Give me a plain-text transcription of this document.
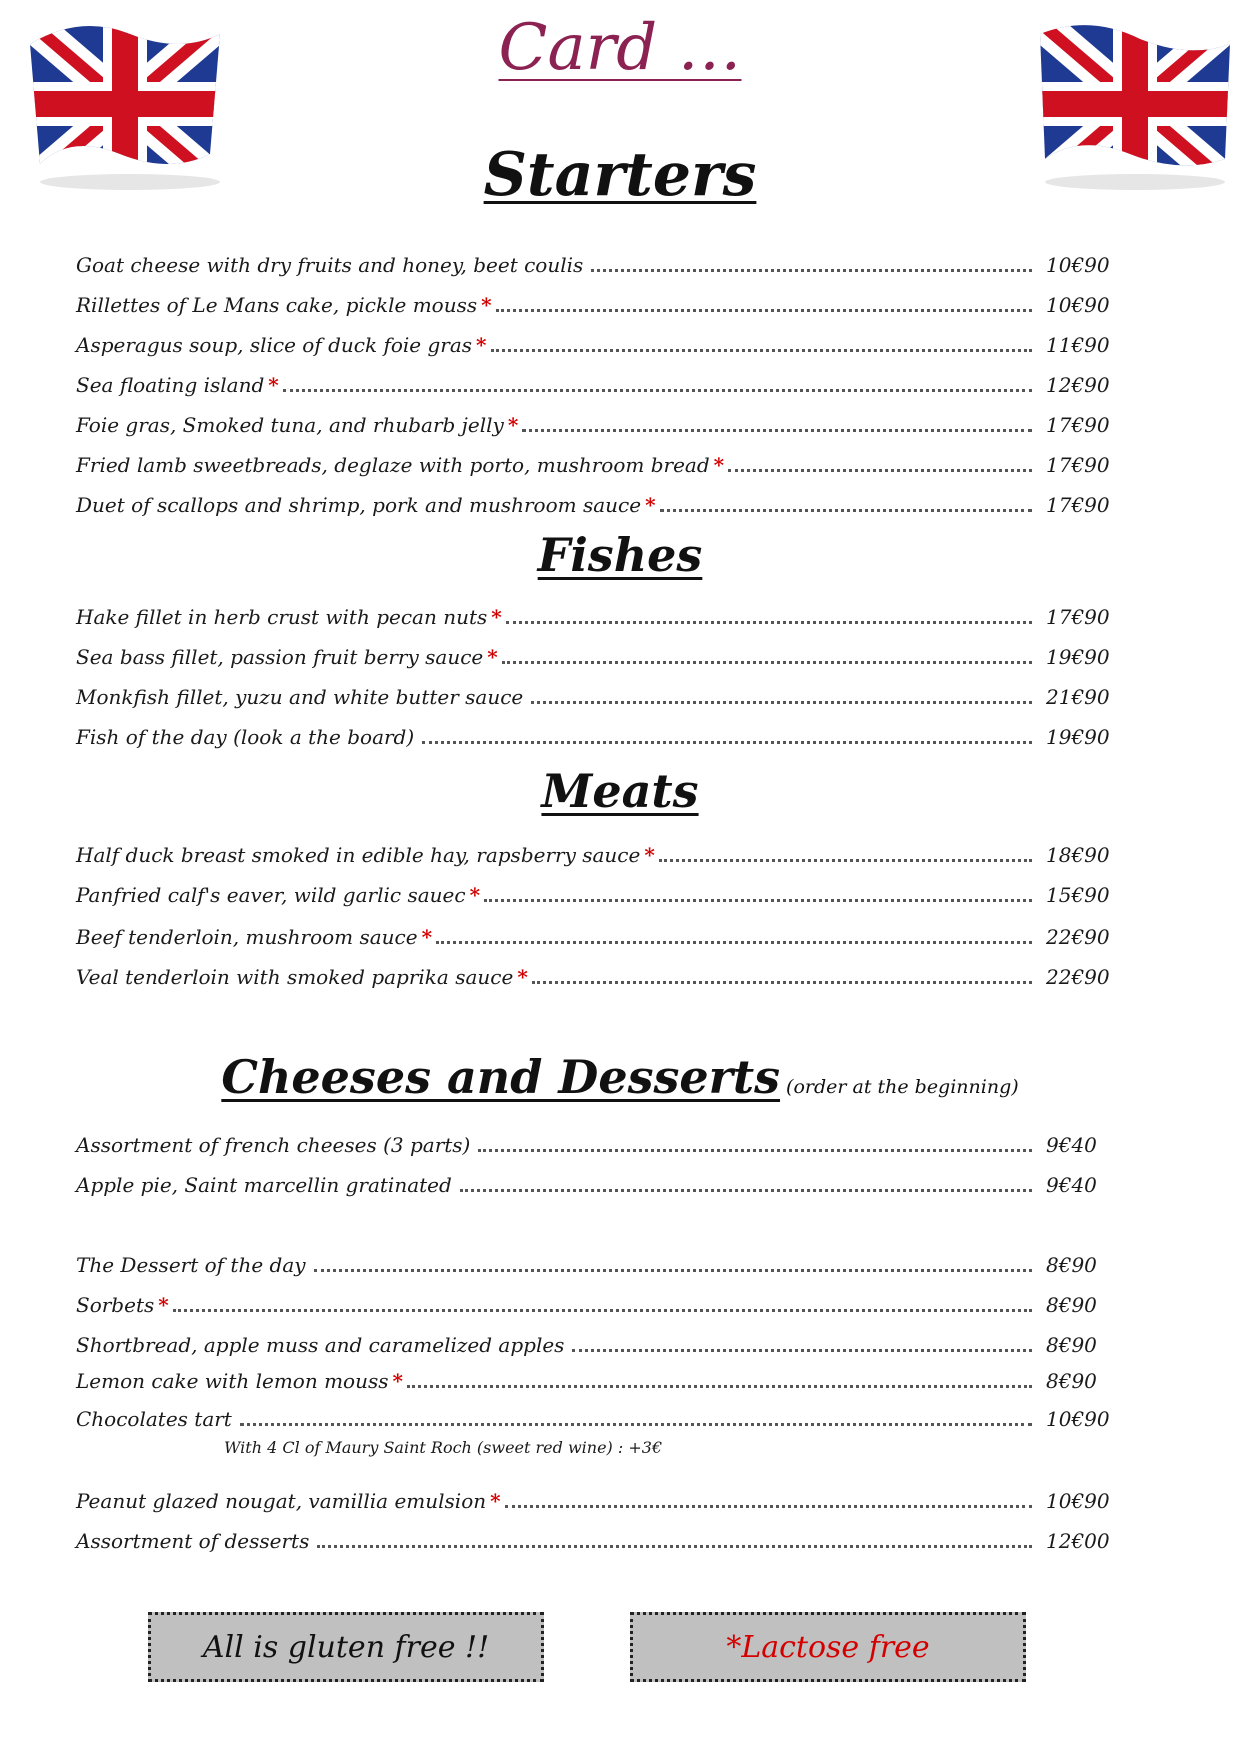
Card …
Starters
Goat cheese with dry fruits and honey, beet coulis	10€90
Rillettes of Le Mans cake, pickle mouss *	10€90
Asperagus soup, slice of duck foie gras *	11€90
Sea floating island *	12€90
Foie gras, Smoked tuna, and rhubarb jelly *	17€90
Fried lamb sweetbreads, deglaze with porto, mushroom bread *	17€90
Duet of scallops and shrimp, pork and mushroom sauce *	17€90
Fishes
Hake fillet in herb crust with pecan nuts *	17€90
Sea bass fillet, passion fruit berry sauce *	19€90
Monkfish fillet, yuzu and white butter sauce	21€90
Fish of the day (look a the board)	19€90
Meats
Half duck breast smoked in edible hay, rapsberry sauce *	18€90
Panfried calf's eaver, wild garlic sauec *	15€90
Beef tenderloin, mushroom sauce *	22€90
Veal tenderloin with smoked paprika sauce *	22€90
Cheeses and Desserts (order at the beginning)
Assortment of french cheeses (3 parts)	9€40
Apple pie, Saint marcellin gratinated	9€40
The Dessert of the day	8€90
Sorbets *	8€90
Shortbread, apple muss and caramelized apples	8€90
Lemon cake with lemon mouss *	8€90
Chocolates tart	10€90
Peanut glazed nougat, vamillia emulsion *	10€90
Assortment of desserts	12€00
With 4 Cl of Maury Saint Roch (sweet red wine) : +3€
All is gluten free !!	*Lactose free
